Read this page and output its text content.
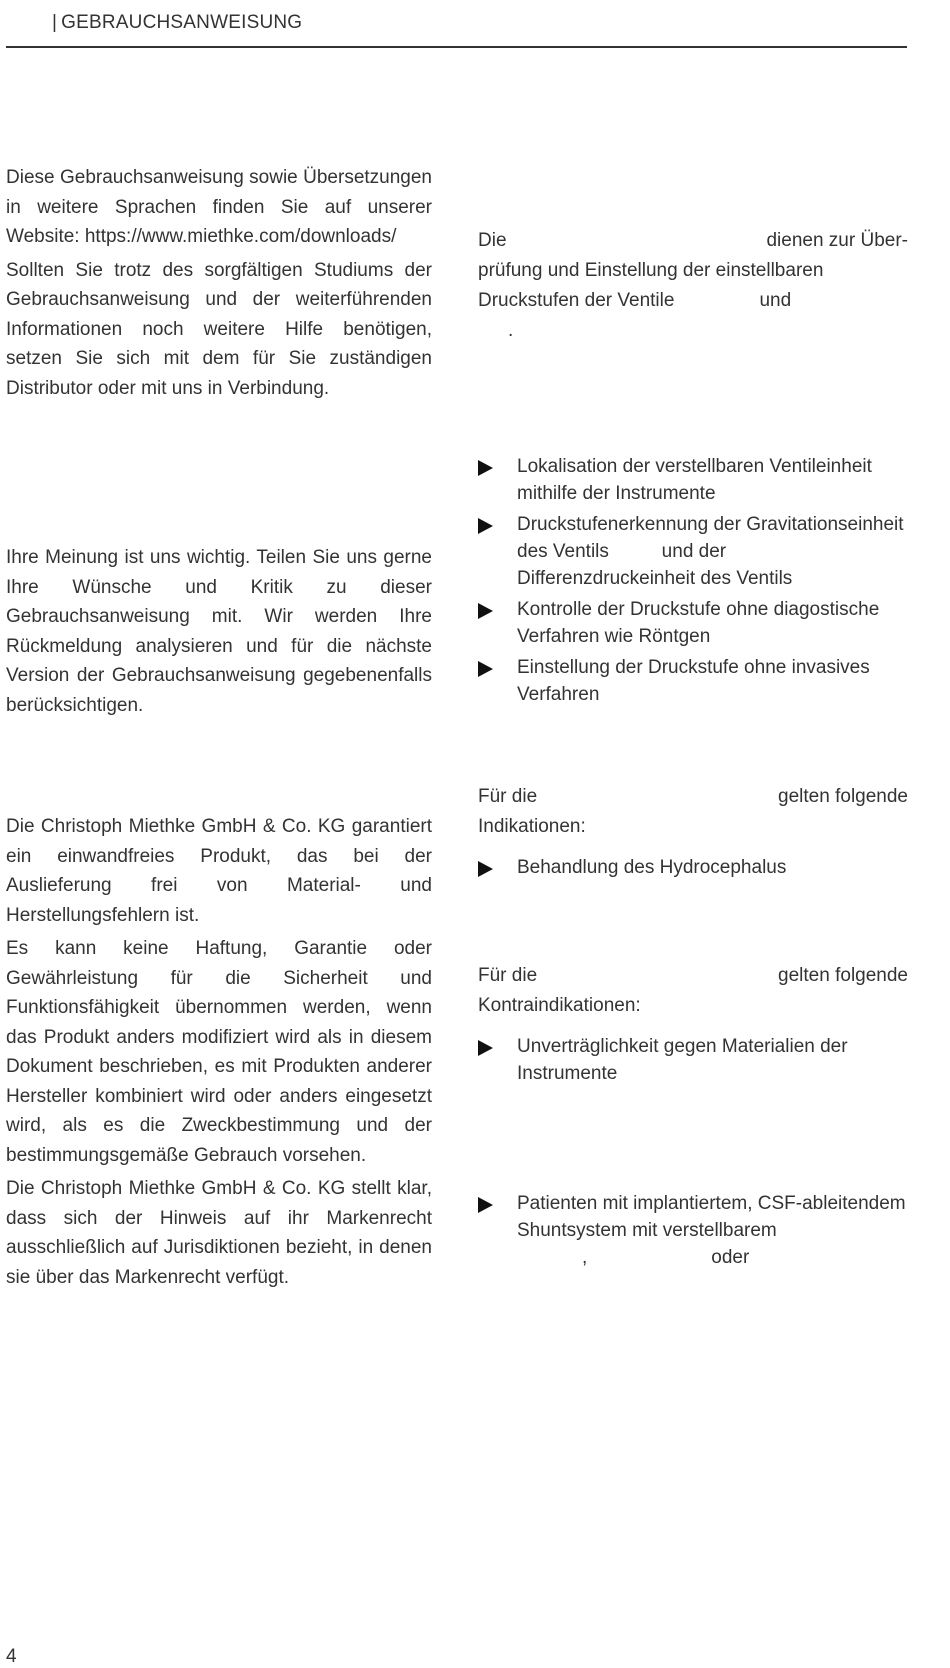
| GEBRAUCHSANWEISUNG

Diese Gebrauchsanweisung sowie Übersetzungen in weitere Sprachen finden Sie auf unserer Website: https://www.miethke.com/downloads/

Sollten Sie trotz des sorgfältigen Studiums der Gebrauchsanweisung und der weiterführenden Informationen noch weitere Hilfe benötigen, setzen Sie sich mit dem für Sie zuständigen Distributor oder mit uns in Verbindung.

Ihre Meinung ist uns wichtig. Teilen Sie uns gerne Ihre Wünsche und Kritik zu dieser Gebrauchsanweisung mit. Wir werden Ihre Rückmeldung analysieren und für die nächste Version der Gebrauchsanweisung gegebenenfalls berücksichtigen.

Die Christoph Miethke GmbH & Co. KG garantiert ein einwandfreies Produkt, das bei der Auslieferung frei von Material- und Herstellungsfehlern ist.

Es kann keine Haftung, Garantie oder Gewährleistung für die Sicherheit und Funktionsfähigkeit übernommen werden, wenn das Produkt anders modifiziert wird als in diesem Dokument beschrieben, es mit Produkten anderer Hersteller kombiniert wird oder anders eingesetzt wird, als es die Zweckbestimmung und der bestimmungsgemäße Gebrauch vorsehen.

Die Christoph Miethke GmbH & Co. KG stellt klar, dass sich der Hinweis auf ihr Markenrecht ausschließlich auf Jurisdiktionen bezieht, in denen sie über das Markenrecht verfügt.

Die	dienen zur Über-
prüfung und Einstellung der einstellbaren
Druckstufen der Ventile	und
.
Lokalisation der verstellbaren Ventileinheit mithilfe der Instrumente
Druckstufenerkennung der Gravitationseinheit des Ventils          und der Differenzdruckeinheit des Ventils
Kontrolle der Druckstufe ohne diagostische Verfahren wie Röntgen
Einstellung der Druckstufe ohne invasives Verfahren
Für die	gelten folgende
Indikationen:
Behandlung des Hydrocephalus
Für die	gelten folgende
Kontraindikationen:
Unverträglichkeit gegen Materialien der Instrumente
Patienten mit implantiertem, CSF-ableitendem Shuntsystem mit verstellbarem
,	oder
4
